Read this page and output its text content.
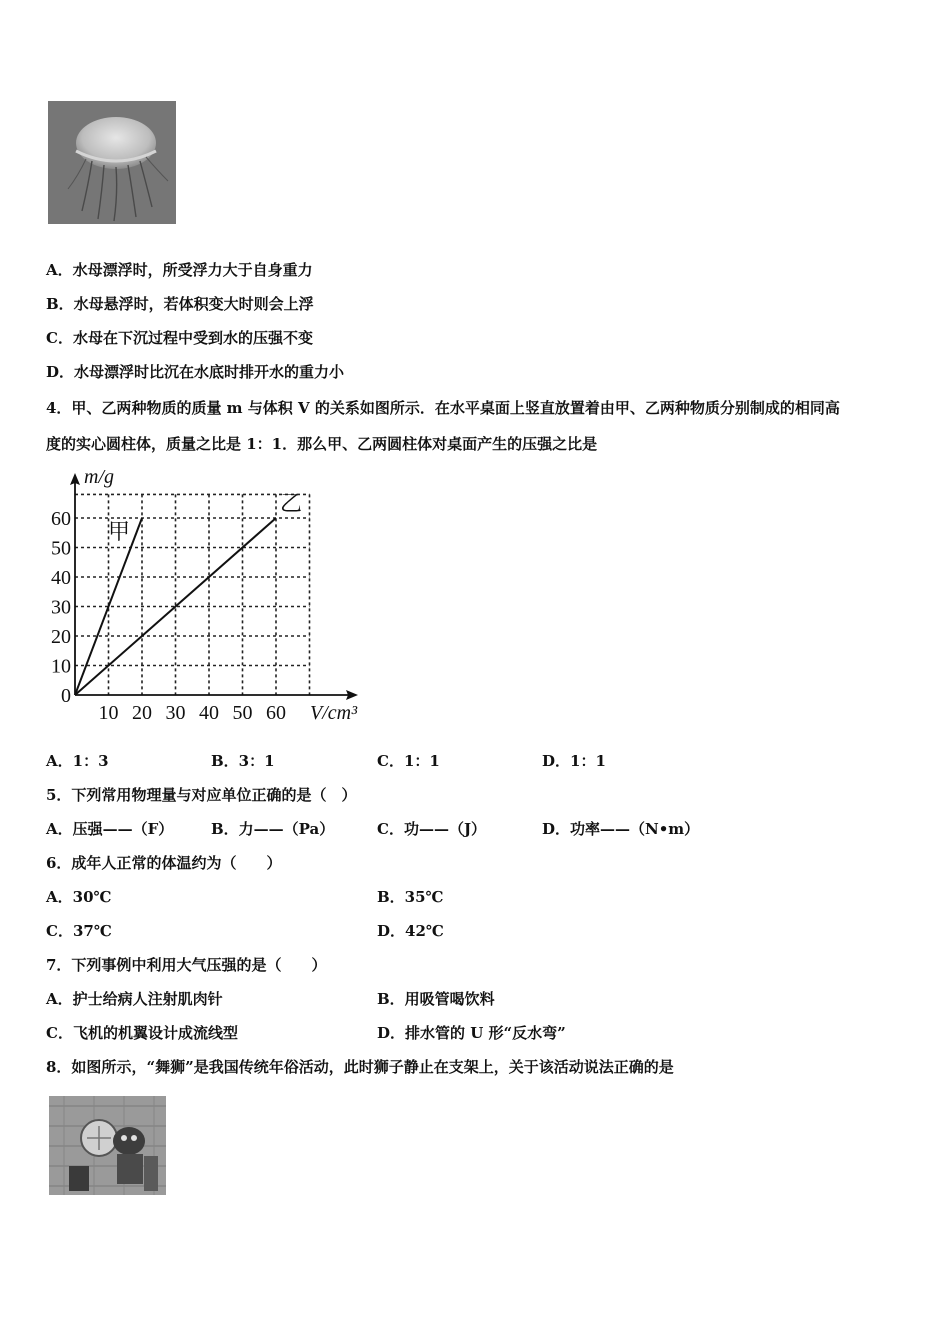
A．水母漂浮时，所受浮力大于自身重力
B．水母悬浮时，若体积变大时则会上浮
C．水母在下沉过程中受到水的压强不变
D．水母漂浮时比沉在水底时排开水的重力小
4．甲、乙两种物质的质量 m 与体积 V 的关系如图所示．在水平桌面上竖直放置着由甲、乙两种物质分别制成的相同高
度的实心圆柱体，质量之比是 1：1．那么甲、乙两圆柱体对桌面产生的压强之比是
0
10
20
30
40
50
60
10 20 30 40 50 60
m/g
V/cm³
甲
乙
A．1：3	B．3：1	C．1：1	D．1：1
5．下列常用物理量与对应单位正确的是（　）
A．压强——（F）	B．力——（Pa）	C．功——（J）	D．功率——（N•m）
6．成年人正常的体温约为（　　）
A．30℃	B．35℃
C．37℃	D．42℃
7．下列事例中利用大气压强的是（　　）
A．护士给病人注射肌肉针	B．用吸管喝饮料
C．飞机的机翼设计成流线型	D．排水管的 U 形“反水弯”
8．如图所示，“舞狮”是我国传统年俗活动，此时狮子静止在支架上，关于该活动说法正确的是
